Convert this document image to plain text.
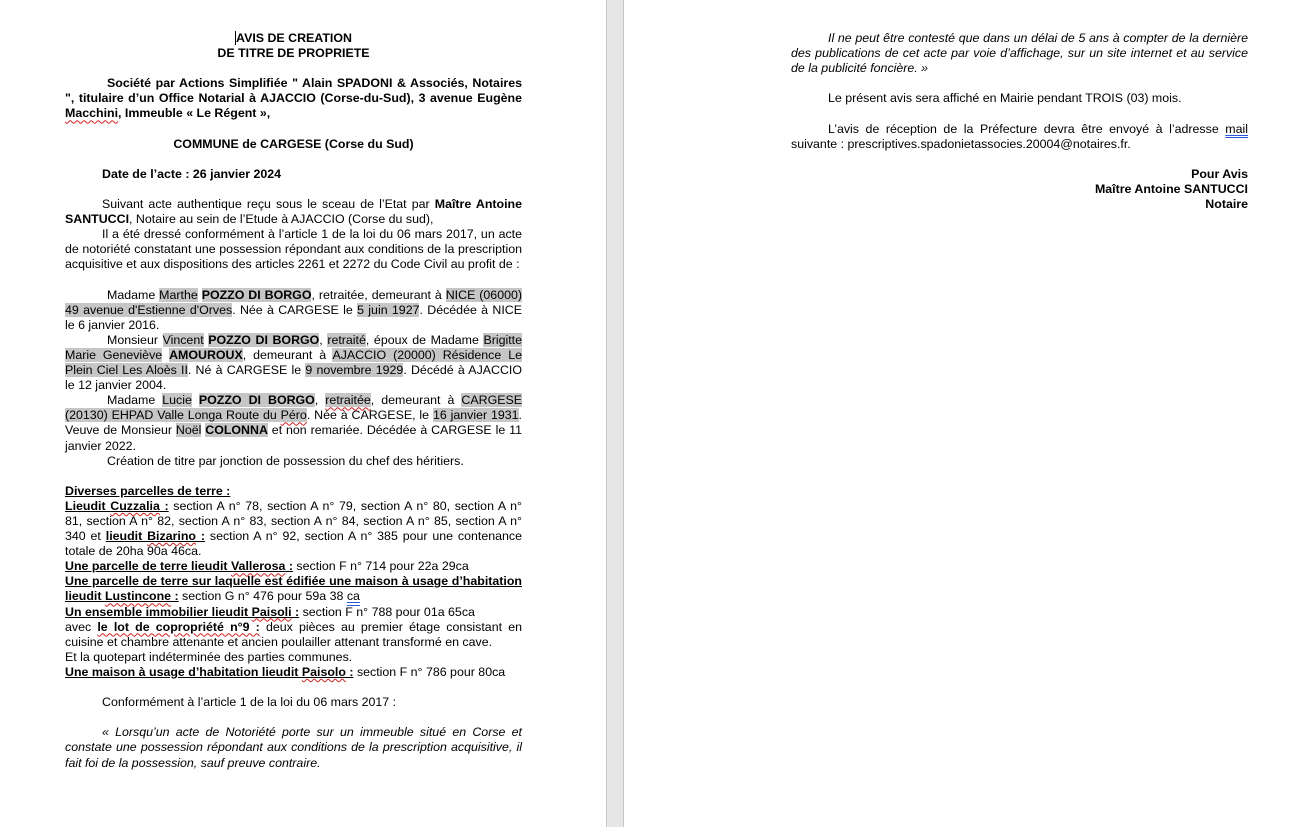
AVIS DE CREATION

DE TITRE DE PROPRIETE

Société par Actions Simplifiée " Alain SPADONI & Associés, Notaires ", titulaire d’un Office Notarial à AJACCIO (Corse-du-Sud), 3 avenue Eugène Macchini, Immeuble « Le Régent »,

COMMUNE de CARGESE (Corse du Sud)

Date de l’acte : 26 janvier 2024

Suivant acte authentique reçu sous le sceau de l’Etat par Maître Antoine SANTUCCI, Notaire au sein de l’Etude à AJACCIO (Corse du sud),

Il a été dressé conformément à l’article 1 de la loi du 06 mars 2017, un acte de notoriété constatant une possession répondant aux conditions de la prescription acquisitive et aux dispositions des articles 2261 et 2272 du Code Civil au profit de :

Madame Marthe POZZO DI BORGO, retraitée, demeurant à NICE (06000) 49 avenue d'Estienne d'Orves. Née à CARGESE le 5 juin 1927. Décédée à NICE le 6 janvier 2016.

Monsieur Vincent POZZO DI BORGO, retraité, époux de Madame Brigitte Marie Geneviève AMOUROUX, demeurant à AJACCIO (20000) Résidence Le Plein Ciel Les Aloès II. Né à CARGESE le 9 novembre 1929. Décédé à AJACCIO le 12 janvier 2004.

Madame Lucie POZZO DI BORGO, retraitée, demeurant à CARGESE (20130) EHPAD Valle Longa Route du Péro. Née à CARGESE, le 16 janvier 1931. Veuve de Monsieur Noël COLONNA et non remariée. Décédée à CARGESE le 11 janvier 2022.

Création de titre par jonction de possession du chef des héritiers.

Diverses parcelles de terre :

Lieudit Cuzzalia : section A n° 78, section A n° 79, section A n° 80, section A n° 81, section A n° 82, section A n° 83, section A n° 84, section A n° 85, section A n° 340 et lieudit Bizarino : section A n° 92, section A n° 385 pour une contenance totale de 20ha 90a 46ca.

Une parcelle de terre lieudit Vallerosa : section F n° 714 pour 22a 29ca

Une parcelle de terre sur laquelle est édifiée une maison à usage d’habitation lieudit Lustincone : section G n° 476 pour 59a 38 ca

Un ensemble immobilier lieudit Paisoli : section F n° 788 pour 01a 65ca

avec le lot de copropriété n°9 : deux pièces au premier étage consistant en cuisine et chambre attenante et ancien poulailler attenant transformé en cave.

Et la quotepart indéterminée des parties communes.

Une maison à usage d’habitation lieudit Paisolo : section F n° 786 pour 80ca

Conformément à l’article 1 de la loi du 06 mars 2017 :

« Lorsqu’un acte de Notoriété porte sur un immeuble situé en Corse et constate une possession répondant aux conditions de la prescription acquisitive, il fait foi de la possession, sauf preuve contraire.

Il ne peut être contesté que dans un délai de 5 ans à compter de la dernière des publications de cet acte par voie d’affichage, sur un site internet et au service de la publicité foncière. »

Le présent avis sera affiché en Mairie pendant TROIS (03) mois.

L’avis de réception de la Préfecture devra être envoyé à l’adresse mail suivante : prescriptives.spadonietassocies.20004@notaires.fr.

Pour Avis

Maître Antoine SANTUCCI

Notaire
